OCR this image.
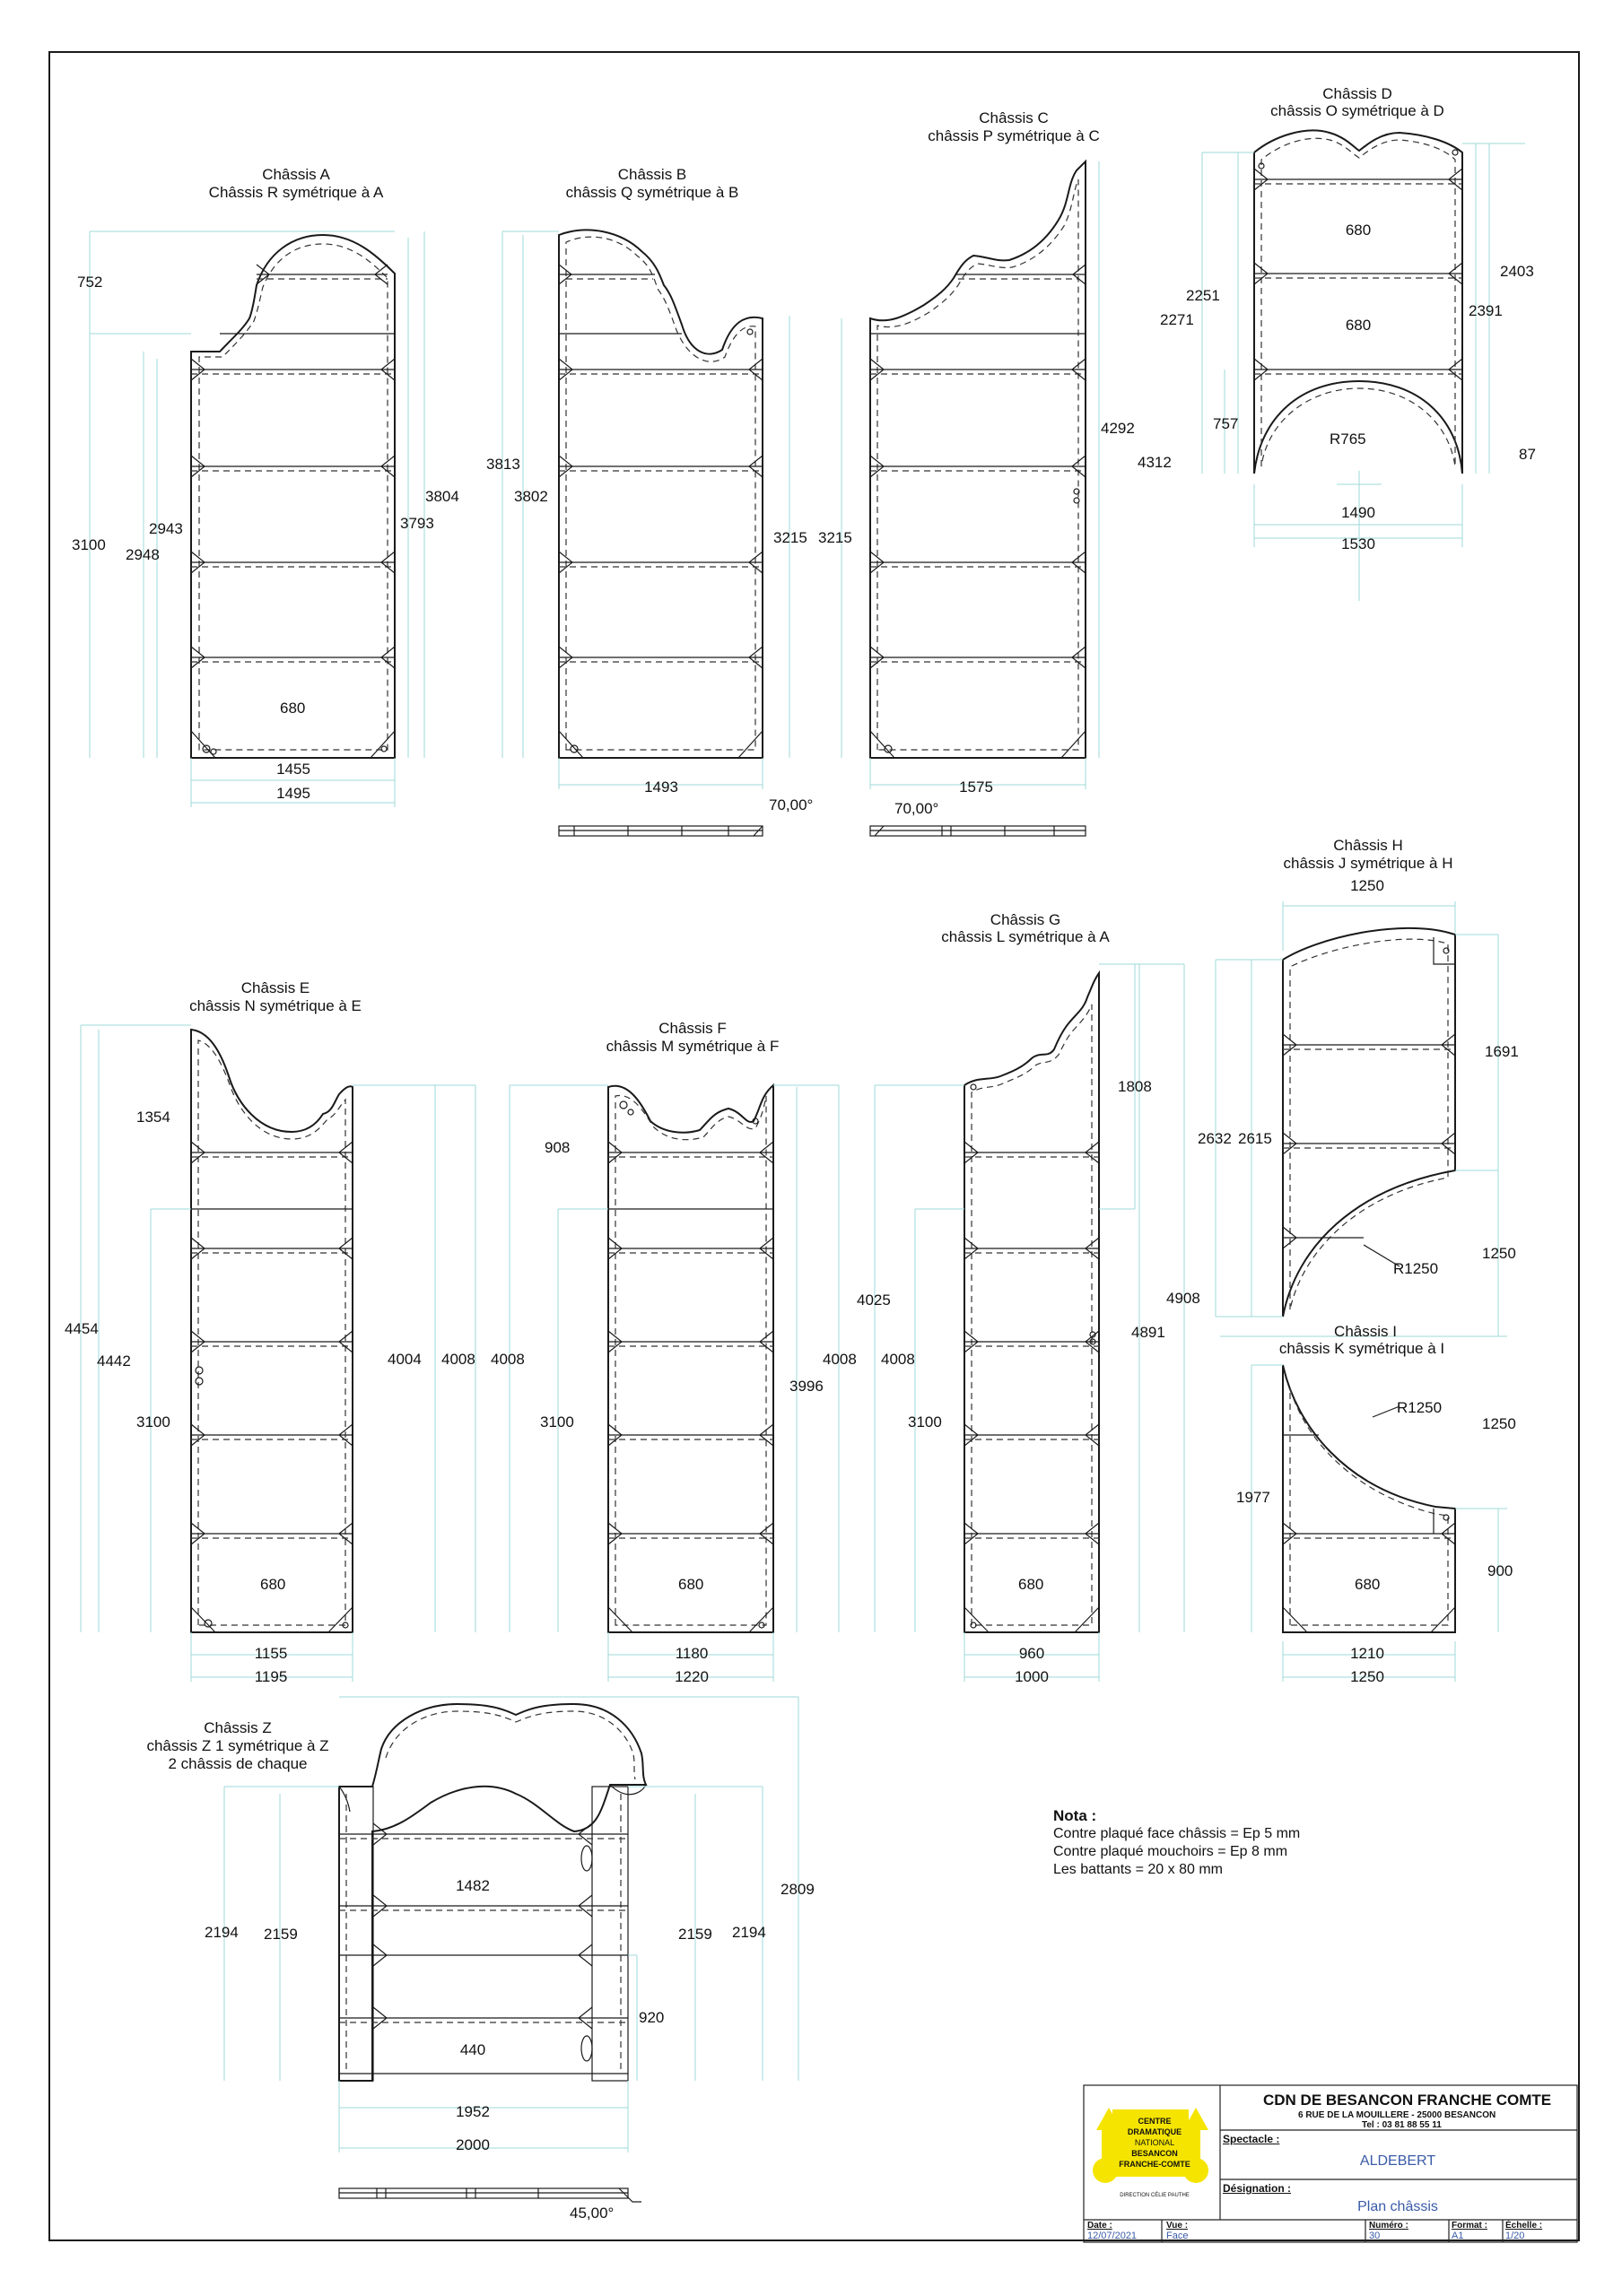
Châssis A
Châssis R symétrique à A
Châssis B
châssis Q symétrique à B
Châssis C
châssis P symétrique à C
Châssis D
châssis O symétrique à D
Châssis E
châssis N symétrique à E
Châssis F
châssis M symétrique à F
Châssis G
châssis L symétrique à A
Châssis H
châssis J symétrique à H
Châssis I
châssis K symétrique à I
Châssis Z
châssis Z 1 symétrique à Z
2 châssis de chaque
752
3100
2948
2943
3804
3793
680
1455
1495
3813
3802
3215
1493
70,00°
3215
4292
1575
70,00°
2251
2271
757
4312
680
680
R765
2403
2391
87
1490
1530
1354
4454
4442
3100
4004 4008
680
1155
1195
908
4008
3100
3996
4008
680
1180
1220
1808
4025
4008
3100
4891
4908
680
960
1000
1250
1691
2632 2615
R1250
1250
R1250
1250
1977
900
680
1210
1250
2194 2159
1482
440
920
2159 2194
2809
1952
2000
45,00°
Nota :
Contre plaqué face châssis = Ep 5 mm
Contre plaqué mouchoirs = Ep 8 mm
Les battants = 20 x 80 mm
CDN DE BESANCON FRANCHE COMTE
6 RUE DE LA MOUILLERE - 25000 BESANCON
Tel : 03 81 88 55 11
CENTRE
DRAMATIQUE
NATIONAL
BESANCON
FRANCHE-COMTE
DIRECTION CÉLIE PAUTHE
Spectacle :
ALDEBERT
Désignation :
Plan châssis
Date :
12/07/2021
Vue :
Face
Numéro :
30
Format :
A1
Échelle :
1/20
